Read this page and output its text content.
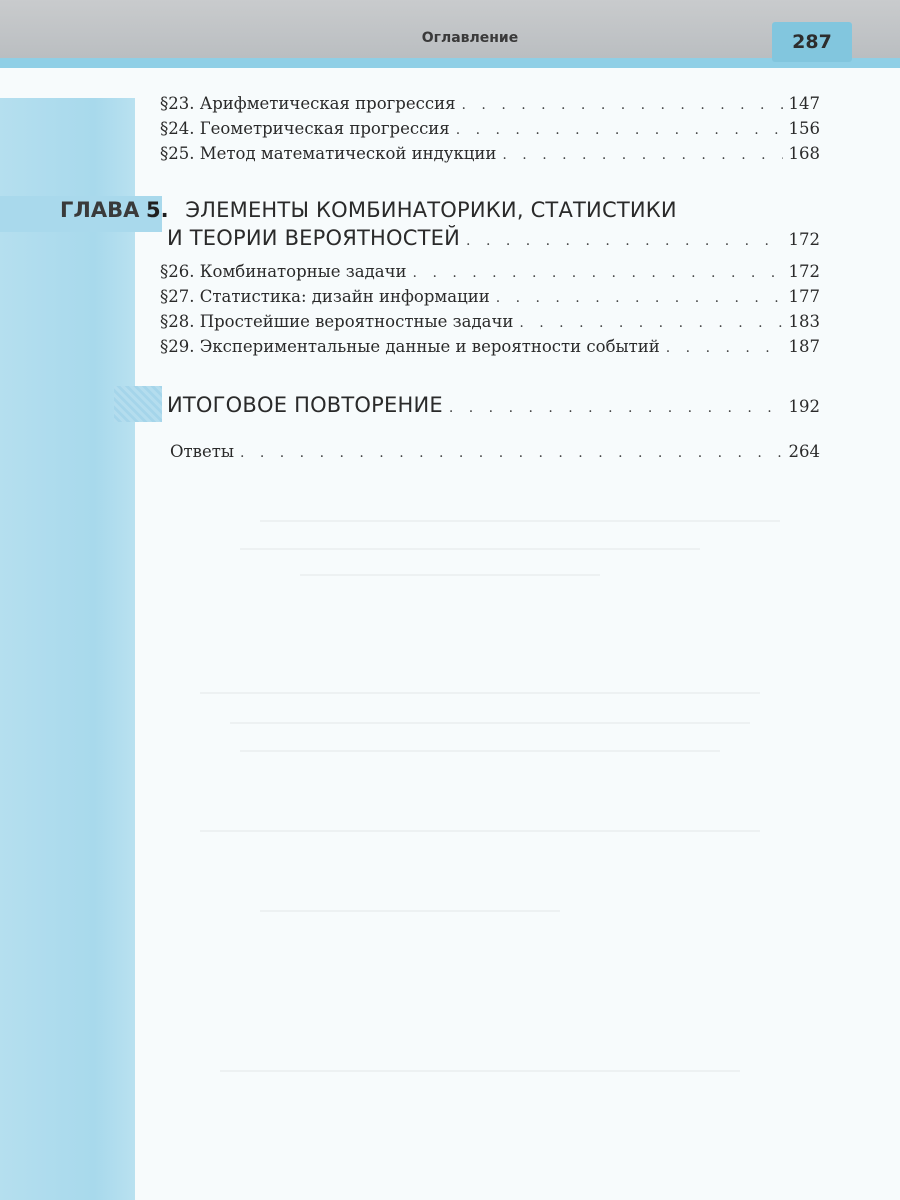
Оглавление	287
§23. Арифметическая прогрессия . . .	147
§24. Геометрическая прогрессия . . .	156
§25. Метод математической индукции . . .	168
ГЛАВА 5. ЭЛЕМЕНТЫ КОМБИНАТОРИКИ, СТАТИСТИКИ
И ТЕОРИИ ВЕРОЯТНОСТЕЙ . . .	172
§26. Комбинаторные задачи . . .	172
§27. Статистика: дизайн информации . . .	177
§28. Простейшие вероятностные задачи . . .	183
§29. Экспериментальные данные и вероятности событий . . .	187
ИТОГОВОЕ ПОВТОРЕНИЕ . . .	192
Ответы . . .	264
